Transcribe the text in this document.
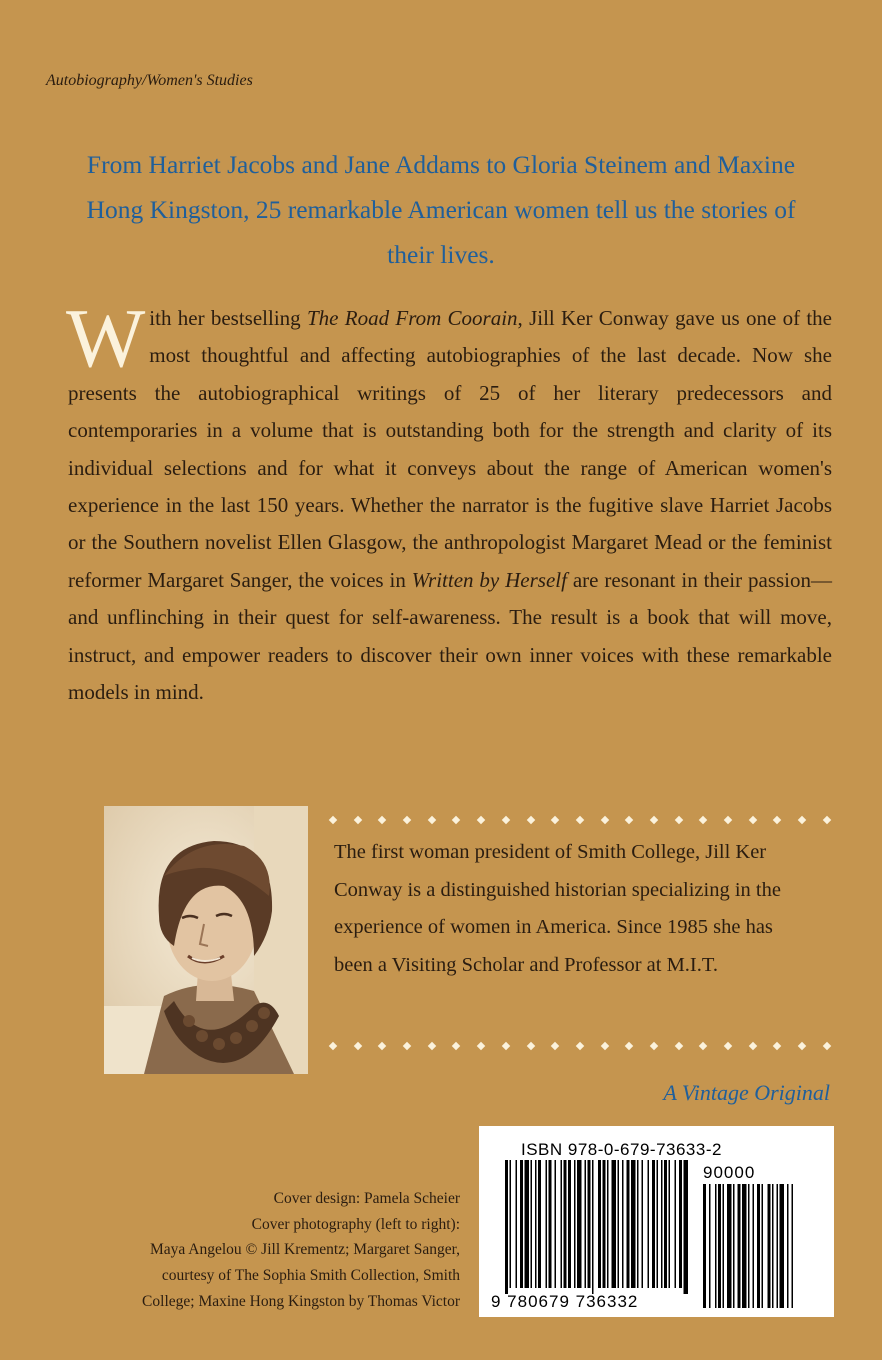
Autobiography/Women's Studies
From Harriet Jacobs and Jane Addams to Gloria Steinem and Maxine Hong Kingston, 25 remarkable American women tell us the stories of their lives.
With her bestselling The Road From Coorain, Jill Ker Conway gave us one of the most thoughtful and affecting autobiographies of the last decade. Now she presents the autobiographical writings of 25 of her literary predecessors and contemporaries in a volume that is outstanding both for the strength and clarity of its individual selections and for what it conveys about the range of American women's experience in the last 150 years. Whether the narrator is the fugitive slave Harriet Jacobs or the Southern novelist Ellen Glasgow, the anthropologist Margaret Mead or the feminist reformer Margaret Sanger, the voices in Written by Herself are resonant in their passion—and unflinching in their quest for self-awareness. The result is a book that will move, instruct, and empower readers to discover their own inner voices with these remarkable models in mind.
The first woman president of Smith College, Jill Ker Conway is a distinguished historian specializing in the experience of women in America. Since 1985 she has been a Visiting Scholar and Professor at M.I.T.
A Vintage Original
Cover design: Pamela Scheier
Cover photography (left to right):
Maya Angelou © Jill Krementz; Margaret Sanger,
courtesy of The Sophia Smith Collection, Smith
College; Maxine Hong Kingston by Thomas Victor
ISBN 978-0-679-73633-2
90000
9 780679 736332
